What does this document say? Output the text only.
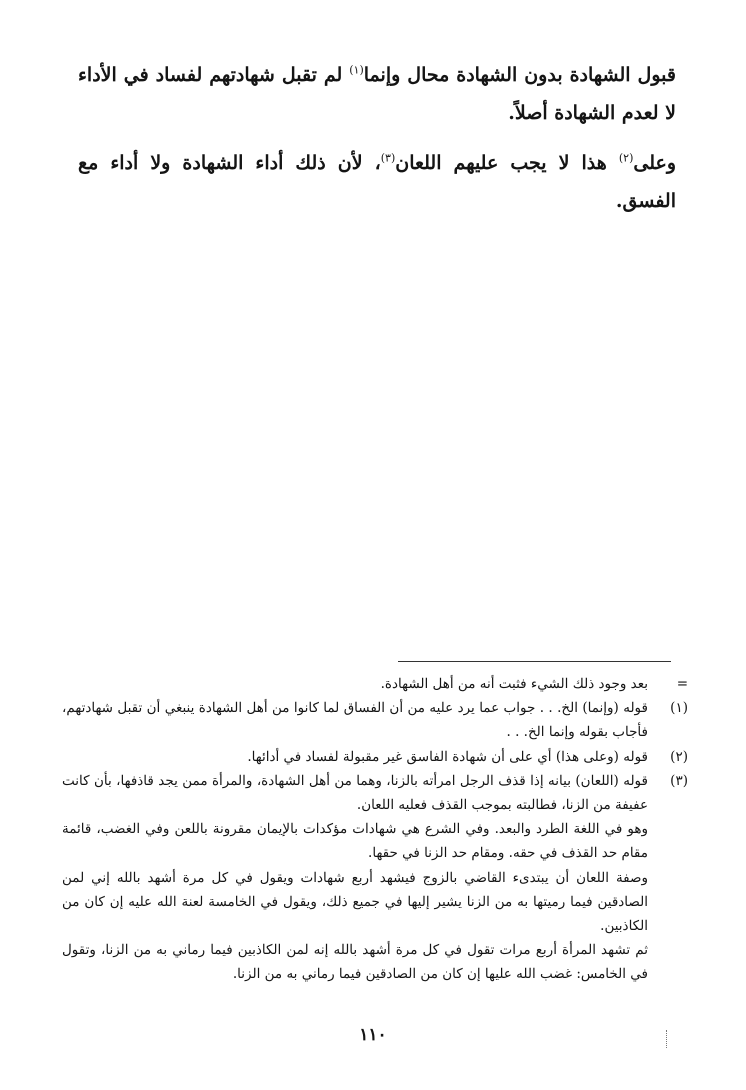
قبول الشهادة بدون الشهادة محال وإنما$^{(١)}$ لم تقبل شهادتهم لفساد في الأداء لا لعدم الشهادة أصلاً.

وعلى$^{(٢)}$ هذا لا يجب عليهم اللعان$^{(٣)}$، لأن ذلك أداء الشهادة ولا أداء مع الفسق.

=
بعد وجود ذلك الشيء فثبت أنه من أهل الشهادة.
(١)
قوله (وإنما) الخ. . . جواب عما يرد عليه من أن الفساق لما كانوا من أهل الشهادة ينبغي أن تقبل شهادتهم، فأجاب بقوله وإنما الخ. . .
(٢)
قوله (وعلى هذا) أي على أن شهادة الفاسق غير مقبولة لفساد في أدائها.
(٣)
قوله (اللعان) بيانه إذا قذف الرجل امرأته بالزنا، وهما من أهل الشهادة، والمرأة ممن يجد قاذفها، بأن كانت عفيفة من الزنا، فطالبته بموجب القذف فعليه اللعان.
وهو في اللغة الطرد والبعد. وفي الشرع هي شهادات مؤكدات بالإيمان مقرونة باللعن وفي الغضب، قائمة مقام حد القذف في حقه. ومقام حد الزنا في حقها.
وصفة اللعان أن يبتدىء القاضي بالزوج فيشهد أربع شهادات ويقول في كل مرة أشهد بالله إني لمن الصادقين فيما رميتها به من الزنا يشير إليها في جميع ذلك، ويقول في الخامسة لعنة الله عليه إن كان من الكاذبين.
ثم تشهد المرأة أربع مرات تقول في كل مرة أشهد بالله إنه لمن الكاذبين فيما رماني به من الزنا، وتقول في الخامس: غضب الله عليها إن كان من الصادقين فيما رماني به من الزنا.
١١٠
